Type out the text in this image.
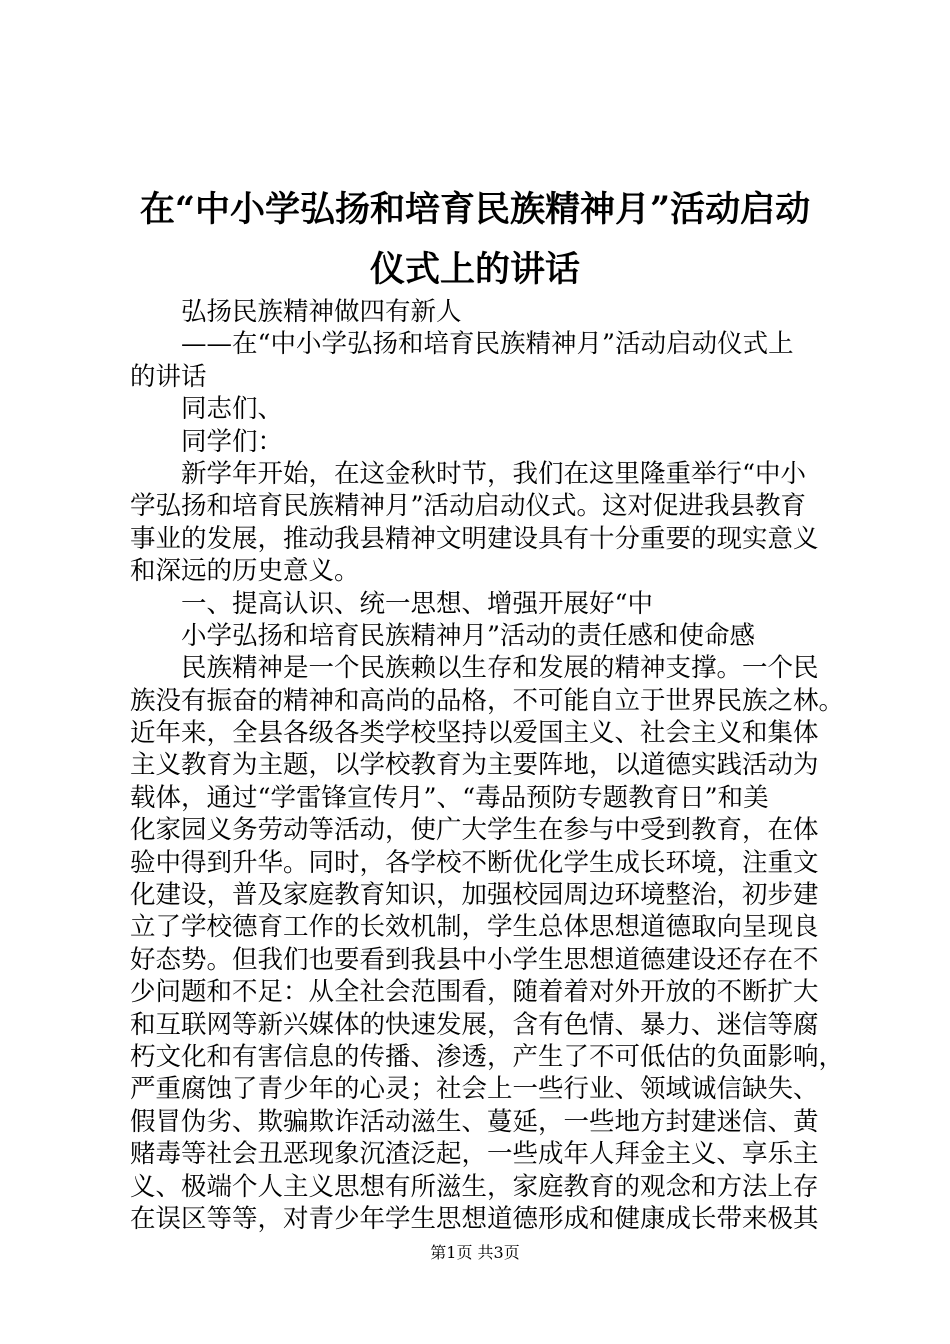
在“中小学弘扬和培育民族精神月”活动启动
仪式上的讲话
弘扬民族精神做四有新人
——在“中小学弘扬和培育民族精神月”活动启动仪式上
的讲话
同志们、
同学们：
新学年开始，在这金秋时节，我们在这里隆重举行“中小
学弘扬和培育民族精神月”活动启动仪式。这对促进我县教育
事业的发展，推动我县精神文明建设具有十分重要的现实意义
和深远的历史意义。
一、提高认识、统一思想、增强开展好“中
小学弘扬和培育民族精神月”活动的责任感和使命感
民族精神是一个民族赖以生存和发展的精神支撑。一个民
族没有振奋的精神和高尚的品格，不可能自立于世界民族之林。
近年来，全县各级各类学校坚持以爱国主义、社会主义和集体
主义教育为主题，以学校教育为主要阵地，以道德实践活动为
载体，通过“学雷锋宣传月”、“毒品预防专题教育日”和美
化家园义务劳动等活动，使广大学生在参与中受到教育，在体
验中得到升华。同时，各学校不断优化学生成长环境，注重文
化建设，普及家庭教育知识，加强校园周边环境整治，初步建
立了学校德育工作的长效机制，学生总体思想道德取向呈现良
好态势。但我们也要看到我县中小学生思想道德建设还存在不
少问题和不足：从全社会范围看，随着着对外开放的不断扩大
和互联网等新兴媒体的快速发展，含有色情、暴力、迷信等腐
朽文化和有害信息的传播、渗透，产生了不可低估的负面影响，
严重腐蚀了青少年的心灵；社会上一些行业、领域诚信缺失、
假冒伪劣、欺骗欺诈活动滋生、蔓延，一些地方封建迷信、黄
赌毒等社会丑恶现象沉渣泛起，一些成年人拜金主义、享乐主
义、极端个人主义思想有所滋生，家庭教育的观念和方法上存
在误区等等，对青少年学生思想道德形成和健康成长带来极其
第1页 共3页
